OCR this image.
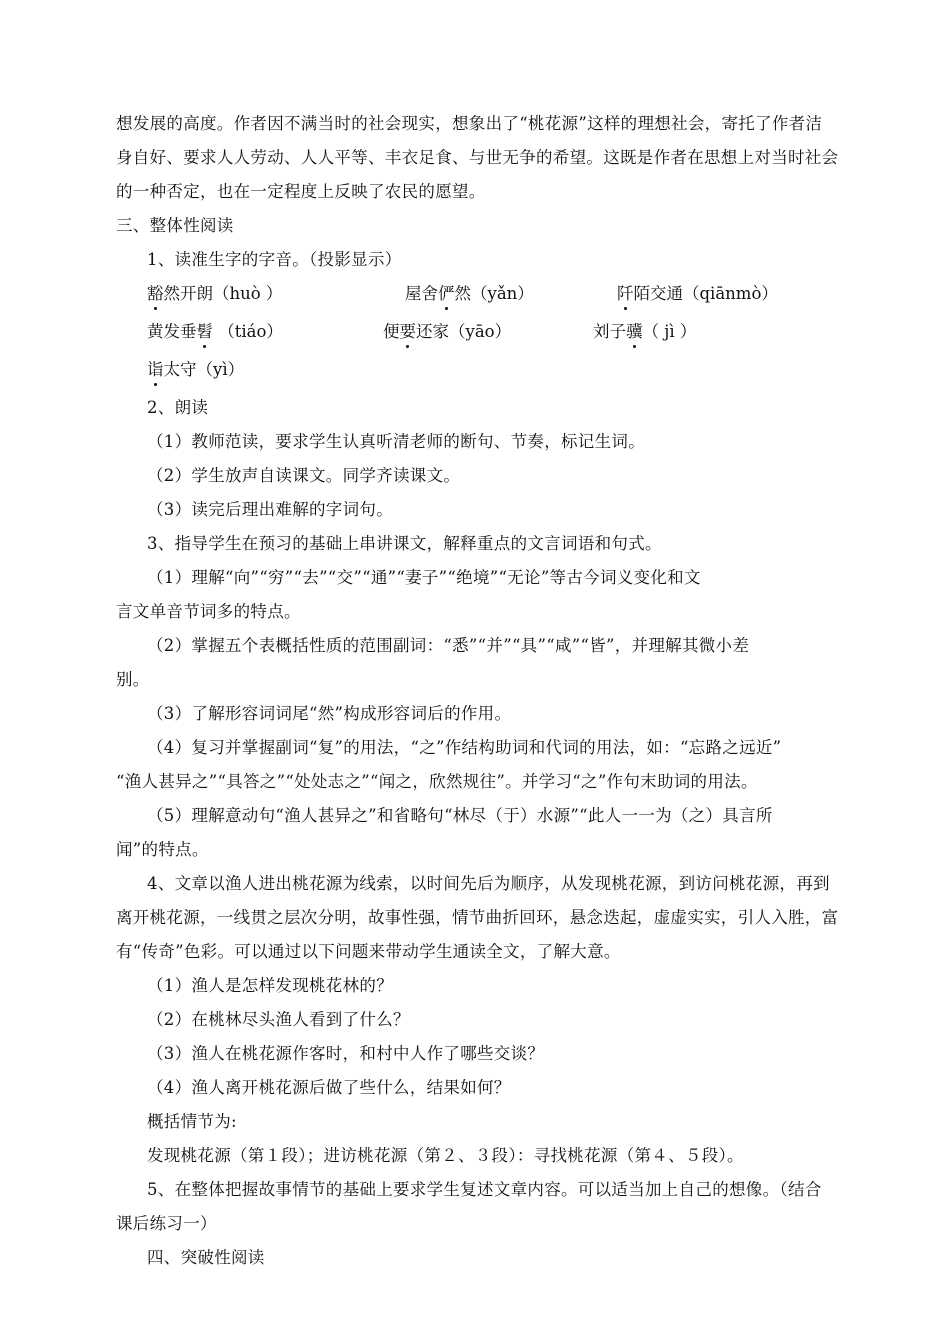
想发展的高度。作者因不满当时的社会现实，想象出了“桃花源”这样的理想社会，寄托了作者洁
身自好、要求人人劳动、人人平等、丰衣足食、与世无争的希望。这既是作者在思想上对当时社会
的一种否定，也在一定程度上反映了农民的愿望。
三、整体性阅读
1、读准生字的字音。（投影显示）
豁然开朗（huò ）	屋舍俨然（yǎn）	阡陌交通（qiānmò）
黄发垂髫 （tiáo）	便要还家（yāo）	刘子骥（ jì ）
诣太守（yì）
2、朗读
（1）教师范读，要求学生认真听清老师的断句、节奏，标记生词。
（2）学生放声自读课文。同学齐读课文。
（3）读完后理出难解的字词句。
3、指导学生在预习的基础上串讲课文，解释重点的文言词语和句式。
（1）理解“向”“穷”“去”“交”“通”“妻子”“绝境”“无论”等古今词义变化和文
言文单音节词多的特点。
（2）掌握五个表概括性质的范围副词：“悉”“并”“具”“咸”“皆”，并理解其微小差
别。
（3）了解形容词词尾“然”构成形容词后的作用。
（4）复习并掌握副词“复”的用法，“之”作结构助词和代词的用法，如：“忘路之远近”
“渔人甚异之”“具答之”“处处志之”“闻之，欣然规往”。并学习“之”作句末助词的用法。
（5）理解意动句“渔人甚异之”和省略句“林尽（于）水源”“此人一一为（之）具言所
闻”的特点。
4、文章以渔人进出桃花源为线索，以时间先后为顺序，从发现桃花源，到访问桃花源，再到
离开桃花源，一线贯之层次分明，故事性强，情节曲折回环，悬念迭起，虚虚实实，引人入胜，富
有“传奇”色彩。可以通过以下问题来带动学生通读全文，了解大意。
（1）渔人是怎样发现桃花林的？
（2）在桃林尽头渔人看到了什么？
（3）渔人在桃花源作客时，和村中人作了哪些交谈？
（4）渔人离开桃花源后做了些什么，结果如何？
概括情节为:
发现桃花源（第１段）；进访桃花源（第２、３段）：寻找桃花源（第４、５段）。
5、在整体把握故事情节的基础上要求学生复述文章内容。可以适当加上自己的想像。（结合
课后练习一）
四、突破性阅读
